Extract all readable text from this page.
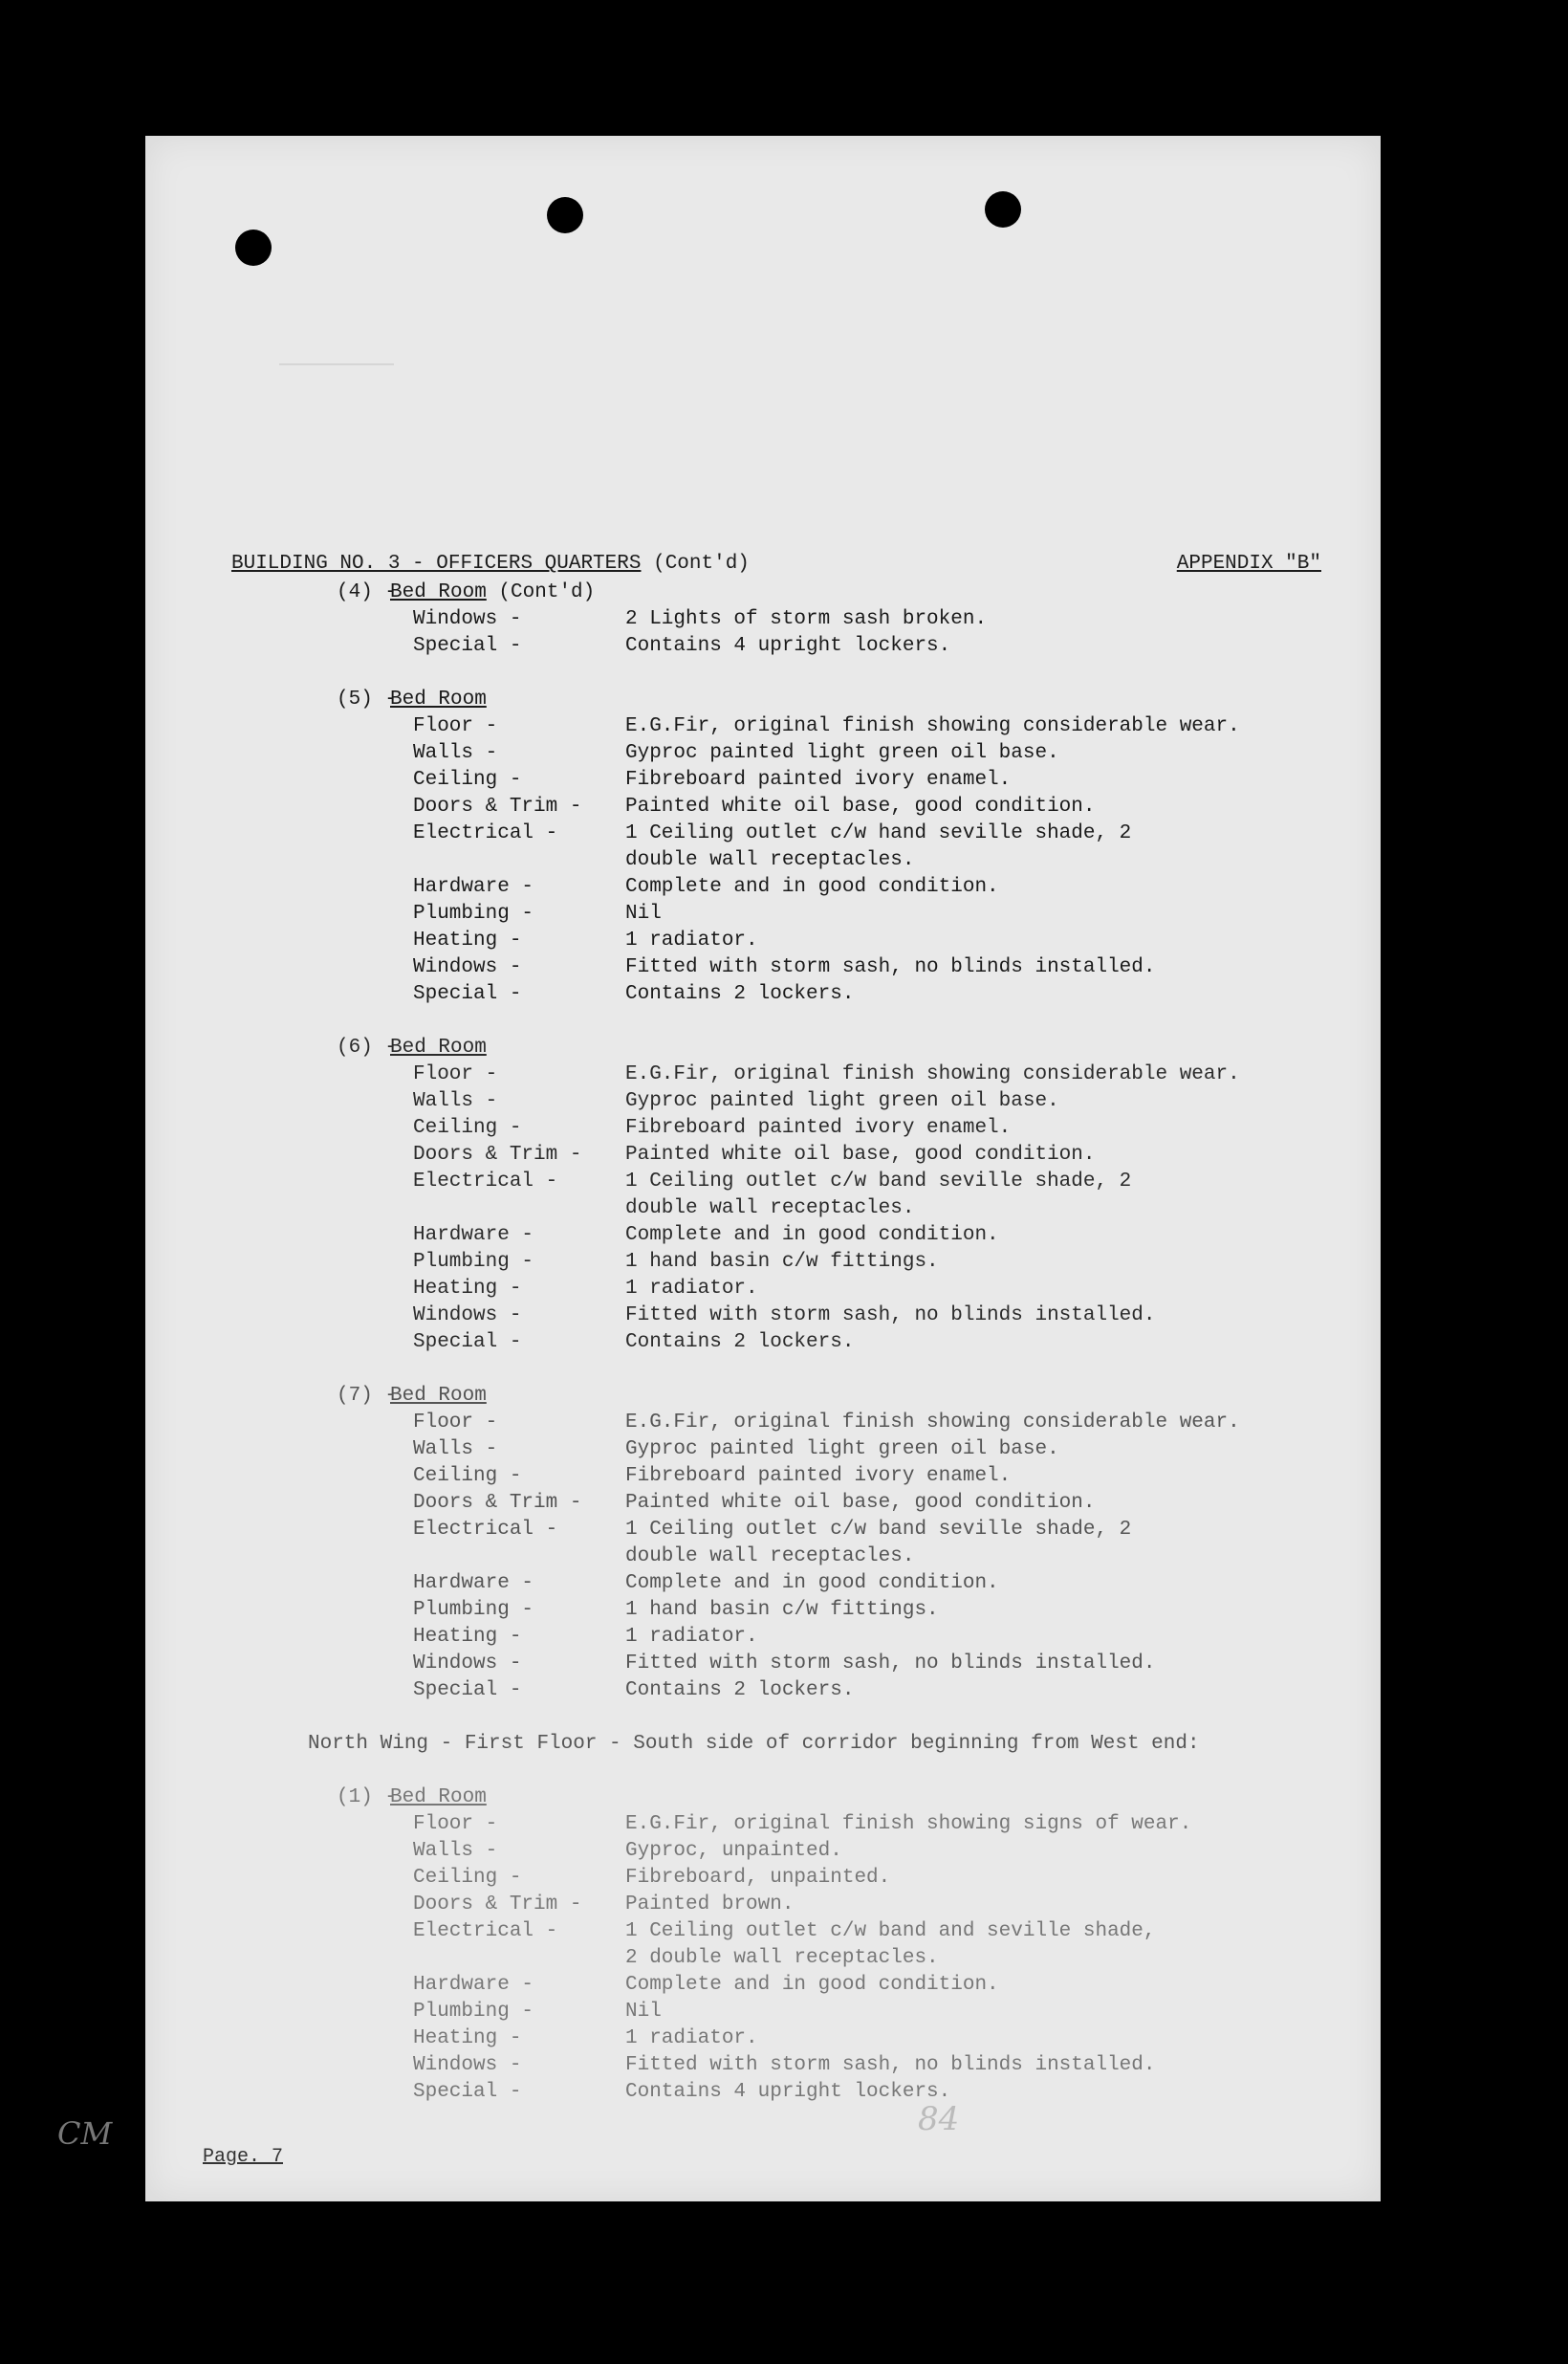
BUILDING NO. 3 - OFFICERS QUARTERS (Cont'd)	APPENDIX "B"
(4) -Bed Room (Cont'd)
Windows -	2 Lights of storm sash broken.
Special -	Contains 4 upright lockers.
(5) -Bed Room
Floor -	E.G.Fir, original finish showing considerable wear.
Walls -	Gyproc painted light green oil base.
Ceiling -	Fibreboard painted ivory enamel.
Doors & Trim - Painted white oil base, good condition.
Electrical -	1 Ceiling outlet c/w hand seville shade, 2
double wall receptacles.
Hardware -	Complete and in good condition.
Plumbing -	Nil
Heating -	1 radiator.
Windows -	Fitted with storm sash, no blinds installed.
Special -	Contains 2 lockers.
(6) -Bed Room
Floor -	E.G.Fir, original finish showing considerable wear.
Walls -	Gyproc painted light green oil base.
Ceiling -	Fibreboard painted ivory enamel.
Doors & Trim - Painted white oil base, good condition.
Electrical -	1 Ceiling outlet c/w band seville shade, 2
double wall receptacles.
Hardware -	Complete and in good condition.
Plumbing -	1 hand basin c/w fittings.
Heating -	1 radiator.
Windows -	Fitted with storm sash, no blinds installed.
Special -	Contains 2 lockers.
(7) -Bed Room
Floor -	E.G.Fir, original finish showing considerable wear.
Walls -	Gyproc painted light green oil base.
Ceiling -	Fibreboard painted ivory enamel.
Doors & Trim - Painted white oil base, good condition.
Electrical -	1 Ceiling outlet c/w band seville shade, 2
double wall receptacles.
Hardware -	Complete and in good condition.
Plumbing -	1 hand basin c/w fittings.
Heating -	1 radiator.
Windows -	Fitted with storm sash, no blinds installed.
Special -	Contains 2 lockers.
North Wing - First Floor - South side of corridor beginning from West end:
(1) -Bed Room
Floor -	E.G.Fir, original finish showing signs of wear.
Walls -	Gyproc, unpainted.
Ceiling -	Fibreboard, unpainted.
Doors & Trim - Painted brown.
Electrical -	1 Ceiling outlet c/w band and seville shade,
2 double wall receptacles.
Hardware -	Complete and in good condition.
Plumbing -	Nil
Heating -	1 radiator.
Windows -	Fitted with storm sash, no blinds installed.
Special -	Contains 4 upright lockers.
CM
Page. 7
84
